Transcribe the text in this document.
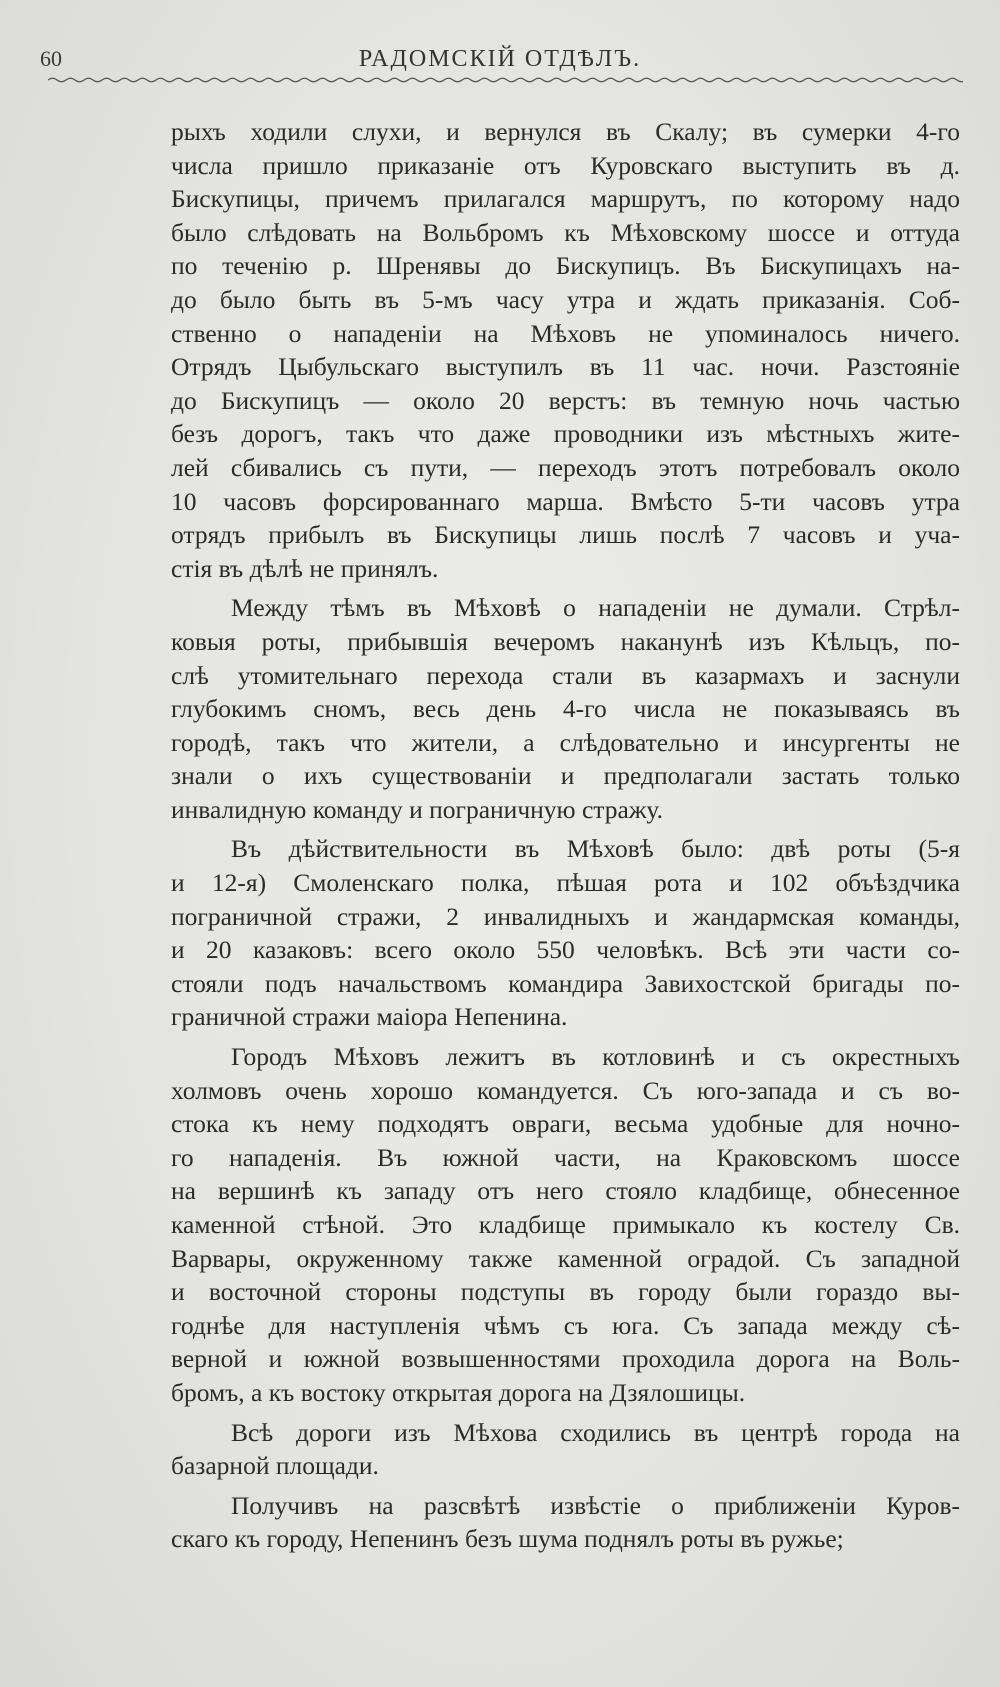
60	РАДОМСКІЙ ОТДѢЛЪ.
рыхъ ходили слухи, и вернулся въ Скалу; въ сумерки 4-го
числа пришло приказаніе отъ Куровскаго выступить въ д.
Бискупицы, причемъ прилагался маршрутъ, по которому надо
было слѣдовать на Вольбромъ къ Мѣховскому шоссе и оттуда
по теченію р. Шренявы до Бискупицъ. Въ Бискупицахъ на-
до было быть въ 5-мъ часу утра и ждать приказанія. Соб-
ственно о нападеніи на Мѣховъ не упоминалось ничего.
Отрядъ Цыбульскаго выступилъ въ 11 час. ночи. Разстояніе
до Бискупицъ — около 20 верстъ: въ темную ночь частью
безъ дорогъ, такъ что даже проводники изъ мѣстныхъ жите-
лей сбивались съ пути, — переходъ этотъ потребовалъ около
10 часовъ форсированнаго марша. Вмѣсто 5-ти часовъ утра
отрядъ прибылъ въ Бискупицы лишь послѣ 7 часовъ и уча-
стія въ дѣлѣ не принялъ.
Между тѣмъ въ Мѣховѣ о нападеніи не думали. Стрѣл-
ковыя роты, прибывшія вечеромъ наканунѣ изъ Кѣльцъ, по-
слѣ утомительнаго перехода стали въ казармахъ и заснули
глубокимъ сномъ, весь день 4-го числа не показываясь въ
городѣ, такъ что жители, а слѣдовательно и инсургенты не
знали о ихъ существованіи и предполагали застать только
инвалидную команду и пограничную стражу.
Въ дѣйствительности въ Мѣховѣ было: двѣ роты (5-я
и 12-я) Смоленскаго полка, пѣшая рота и 102 объѣздчика
пограничной стражи, 2 инвалидныхъ и жандармская команды,
и 20 казаковъ: всего около 550 человѣкъ. Всѣ эти части со-
стояли подъ начальствомъ командира Завихостской бригады по-
граничной стражи маіора Непенина.
Городъ Мѣховъ лежитъ въ котловинѣ и съ окрестныхъ
холмовъ очень хорошо командуется. Съ юго-запада и съ во-
стока къ нему подходятъ овраги, весьма удобные для ночно-
го нападенія. Въ южной части, на Краковскомъ шоссе
на вершинѣ къ западу отъ него стояло кладбище, обнесенное
каменной стѣной. Это кладбище примыкало къ костелу Св.
Варвары, окруженному также каменной оградой. Съ западной
и восточной стороны подступы въ городу были гораздо вы-
годнѣе для наступленія чѣмъ съ юга. Съ запада между сѣ-
верной и южной возвышенностями проходила дорога на Воль-
бромъ, а къ востоку открытая дорога на Дзялошицы.
Всѣ дороги изъ Мѣхова сходились въ центрѣ города на
базарной площади.
Получивъ на разсвѣтѣ извѣстіе о приближеніи Куров-
скаго къ городу, Непенинъ безъ шума поднялъ роты въ ружье;
